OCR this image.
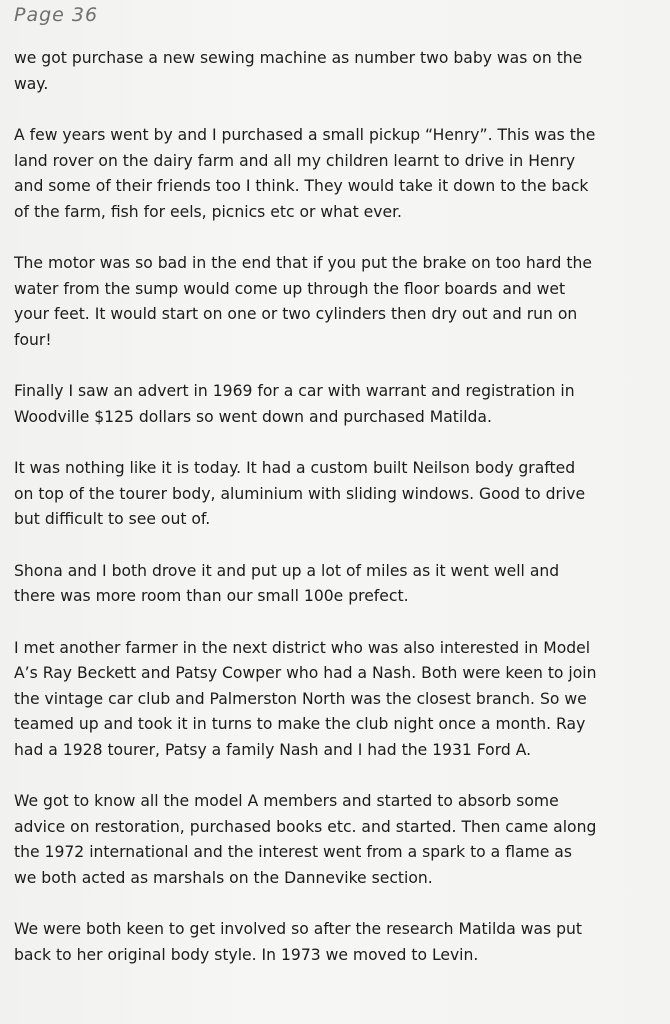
Page 36

we got purchase a new sewing machine as number two baby was on the
way.

A few years went by and I purchased a small pickup “Henry”. This was the
land rover on the dairy farm and all my children learnt to drive in Henry
and some of their friends too I think. They would take it down to the back
of the farm, fish for eels, picnics etc or what ever.

The motor was so bad in the end that if you put the brake on too hard the
water from the sump would come up through the floor boards and wet
your feet. It would start on one or two cylinders then dry out and run on
four!

Finally I saw an advert in 1969 for a car with warrant and registration in
Woodville $125 dollars so went down and purchased Matilda.

It was nothing like it is today. It had a custom built Neilson body grafted
on top of the tourer body, aluminium with sliding windows. Good to drive
but difficult to see out of.

Shona and I both drove it and put up a lot of miles as it went well and
there was more room than our small 100e prefect.

I met another farmer in the next district who was also interested in Model
A’s Ray Beckett and Patsy Cowper who had a Nash. Both were keen to join
the vintage car club and Palmerston North was the closest branch. So we
teamed up and took it in turns to make the club night once a month. Ray
had a 1928 tourer, Patsy a family Nash and I had the 1931 Ford A.

We got to know all the model A members and started to absorb some
advice on restoration, purchased books etc. and started. Then came along
the 1972 international and the interest went from a spark to a flame as
we both acted as marshals on the Dannevike section.

We were both keen to get involved so after the research Matilda was put
back to her original body style. In 1973 we moved to Levin.
